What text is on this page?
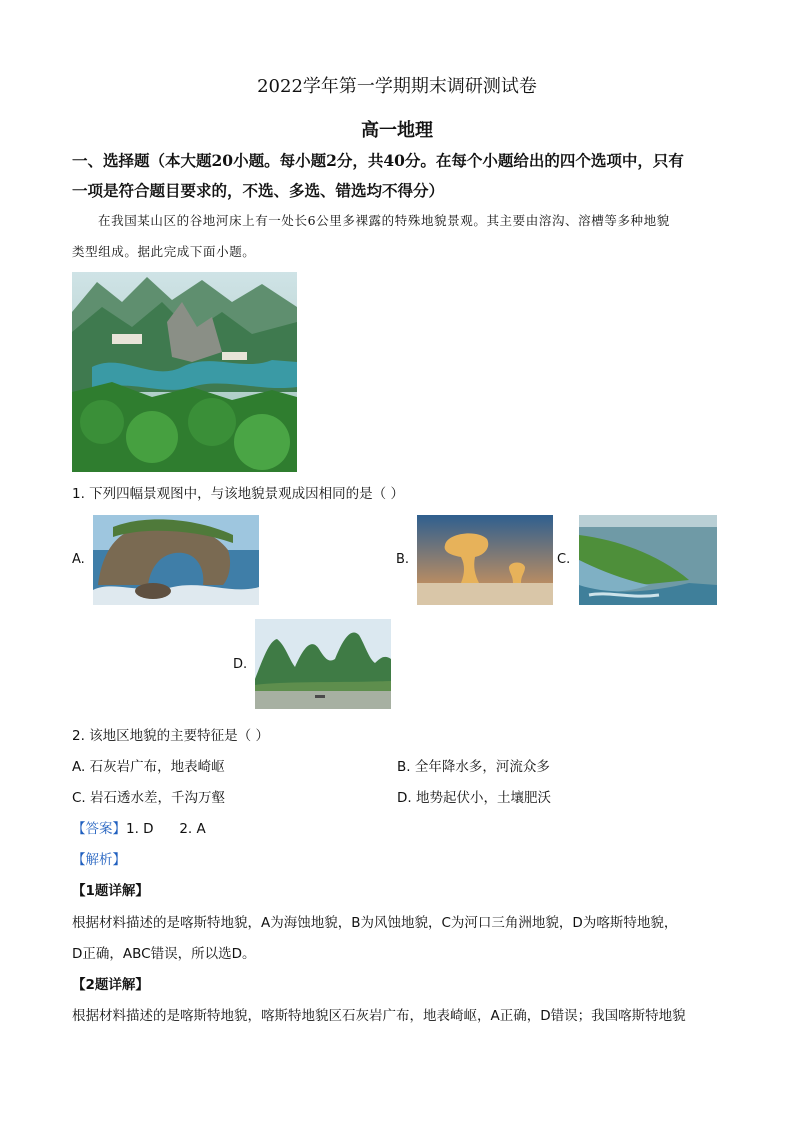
2022学年第一学期期末调研测试卷
高一地理
一、选择题（本大题20小题。每小题2分，共40分。在每个小题给出的四个选项中，只有
一项是符合题目要求的，不选、多选、错选均不得分）
在我国某山区的谷地河床上有一处长6公里多裸露的特殊地貌景观。其主要由溶沟、溶槽等多种地貌
类型组成。据此完成下面小题。
1. 下列四幅景观图中，与该地貌景观成因相同的是（ ）
A.	B.	C.
D.
2. 该地区地貌的主要特征是（ ）
A. 石灰岩广布，地表崎岖	B. 全年降水多，河流众多
C. 岩石透水差，千沟万壑	D. 地势起伏小，土壤肥沃
【答案】1. D      2. A
【解析】
【1题详解】
根据材料描述的是喀斯特地貌，A为海蚀地貌，B为风蚀地貌，C为河口三角洲地貌，D为喀斯特地貌，
D正确，ABC错误，所以选D。
【2题详解】
根据材料描述的是喀斯特地貌，喀斯特地貌区石灰岩广布，地表崎岖，A正确，D错误；我国喀斯特地貌
